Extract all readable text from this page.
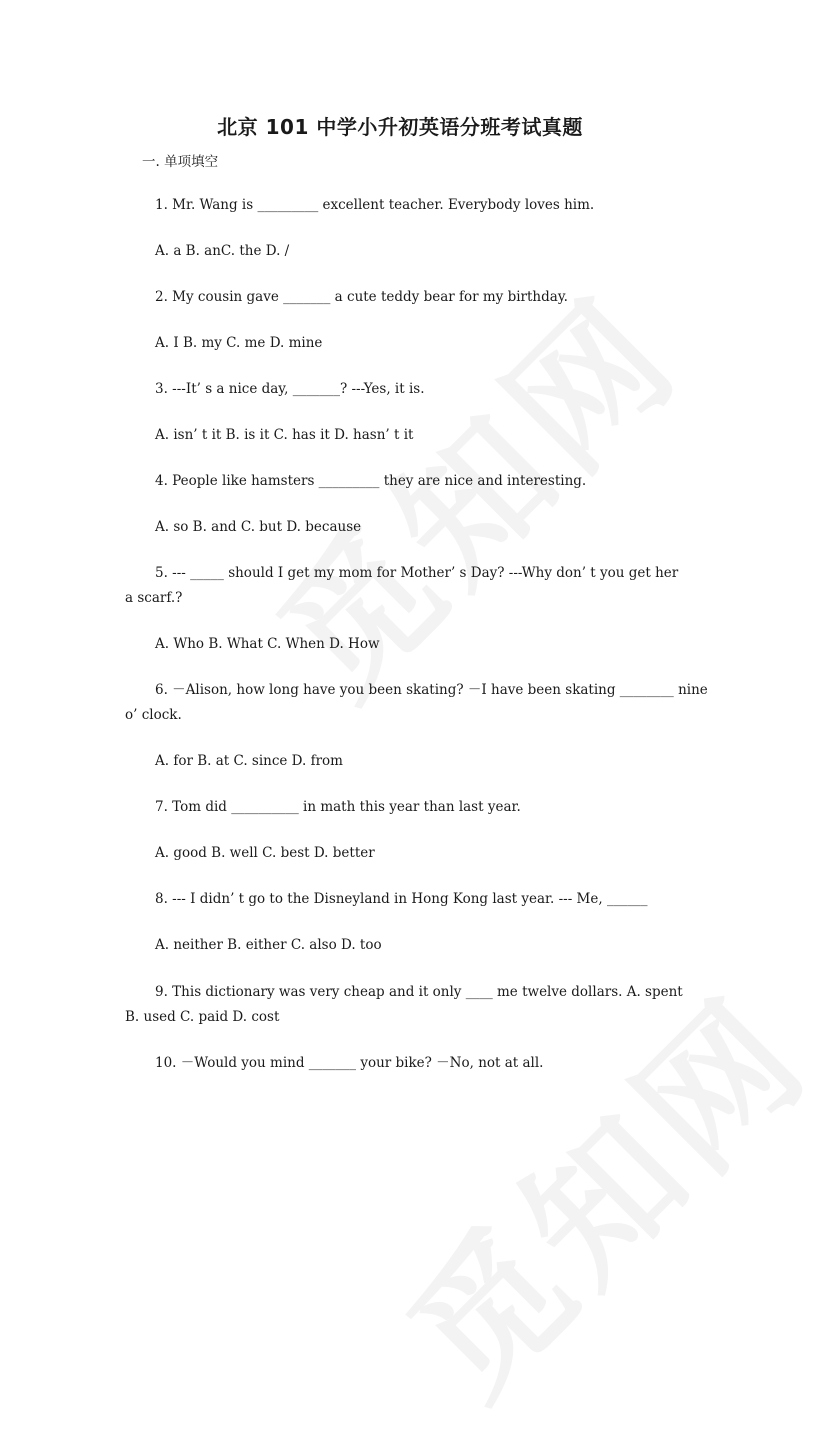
北京 101 中学小升初英语分班考试真题
一. 单项填空
1. Mr. Wang is _________ excellent teacher. Everybody loves him.
A. a B. anC. the D. /
2. My cousin gave _______ a cute teddy bear for my birthday.
A. I B. my C. me D. mine
3. ---It’ s a nice day, _______? ---Yes, it is.
A. isn’ t it B. is it C. has it D. hasn’ t it
4. People like hamsters _________ they are nice and interesting.
A. so B. and C. but D. because
5. --- _____ should I get my mom for Mother’ s Day? ---Why don’ t you get her
a scarf.?
A. Who B. What C. When D. How
6. －Alison, how long have you been skating? －I have been skating ________ nine
o’ clock.
A. for B. at C. since D. from
7. Tom did __________ in math this year than last year.
A. good B. well C. best D. better
8. --- I didn’ t go to the Disneyland in Hong Kong last year. --- Me, ______
A. neither B. either C. also D. too
9. This dictionary was very cheap and it only ____ me twelve dollars. A. spent
B. used C. paid D. cost
10. －Would you mind _______ your bike? －No, not at all.
